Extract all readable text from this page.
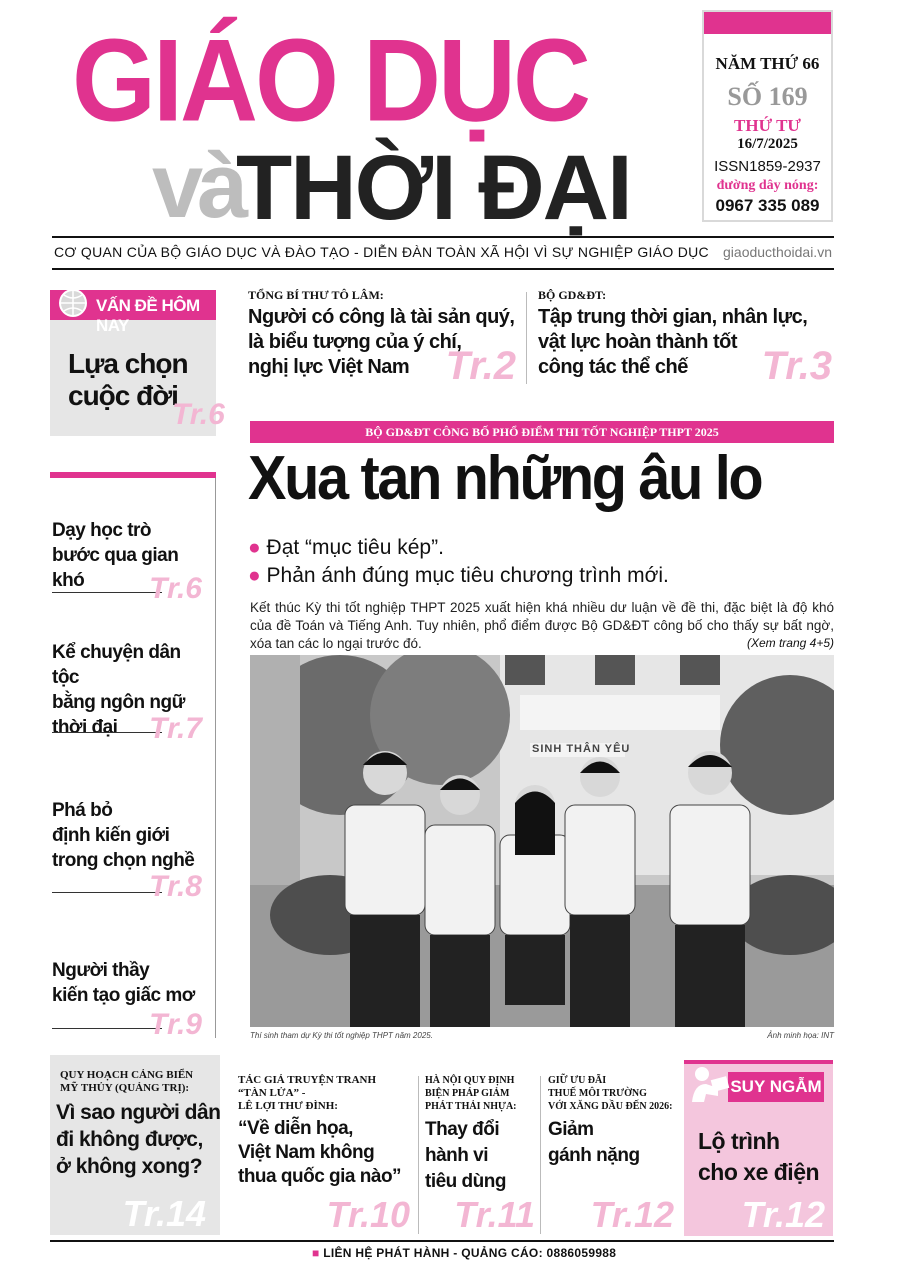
GIÁO DỤC
và
THỜI ĐẠI
NĂM THỨ 66
SỐ 169
THỨ TƯ
16/7/2025
ISSN1859-2937
đường dây nóng:
0967 335 089
CƠ QUAN CỦA BỘ GIÁO DỤC VÀ ĐÀO TẠO - DIỄN ĐÀN TOÀN XÃ HỘI VÌ SỰ NGHIỆP GIÁO DỤC giaoducthoidai.vn
VẤN ĐỀ HÔM NAY
Lựa chọn
cuộc đời
Tr.6
TỔNG BÍ THƯ TÔ LÂM:
Người có công là tài sản quý,
là biểu tượng của ý chí,
nghị lực Việt Nam Tr.2
BỘ GD&ĐT:
Tập trung thời gian, nhân lực,
vật lực hoàn thành tốt
công tác thể chế	Tr.3
BỘ GD&ĐT CÔNG BỐ PHỔ ĐIỂM THI TỐT NGHIỆP THPT 2025
Xua tan những âu lo
● Đạt “mục tiêu kép”.
● Phản ánh đúng mục tiêu chương trình mới.
Kết thúc Kỳ thi tốt nghiệp THPT 2025 xuất hiện khá nhiều dư luận về đề thi, đặc biệt là độ khó của đề Toán và Tiếng Anh. Tuy nhiên, phổ điểm được Bộ GD&ĐT công bố cho thấy sự bất ngờ, xóa tan các lo ngại trước đó.	(Xem trang 4+5)
SINH THÂN YÊU
Thí sinh tham dự Kỳ thi tốt nghiệp THPT năm 2025.	Ảnh minh họa: INT
Dạy học trò
bước qua gian khó	Tr.6
Kể chuyện dân tộc
bằng ngôn ngữ
thời đại	Tr.7
Phá bỏ
định kiến giới
trong chọn nghề
Tr.8
Người thầy
kiến tạo giấc mơ
Tr.9
QUY HOẠCH CẢNG BIỂN
MỸ THỦY (QUẢNG TRỊ):
Vì sao người dân
đi không được,
ở không xong?
Tr.14
TÁC GIẢ TRUYỆN TRANH
“TÀN LỬA” -
LÊ LỢI THƯ ĐÌNH:
“Về diễn họa,
Việt Nam không
thua quốc gia nào”
Tr.10
HÀ NỘI QUY ĐỊNH
BIỆN PHÁP GIẢM
PHÁT THẢI NHỰA:
Thay đổi
hành vi
tiêu dùng
Tr.11
GIỮ ƯU ĐÃI
THUẾ MÔI TRƯỜNG
VỚI XĂNG DẦU ĐẾN 2026:
Giảm
gánh nặng
Tr.12
SUY NGẪM
Lộ trình
cho xe điện
Tr.12
■ LIÊN HỆ PHÁT HÀNH - QUẢNG CÁO: 0886059988
